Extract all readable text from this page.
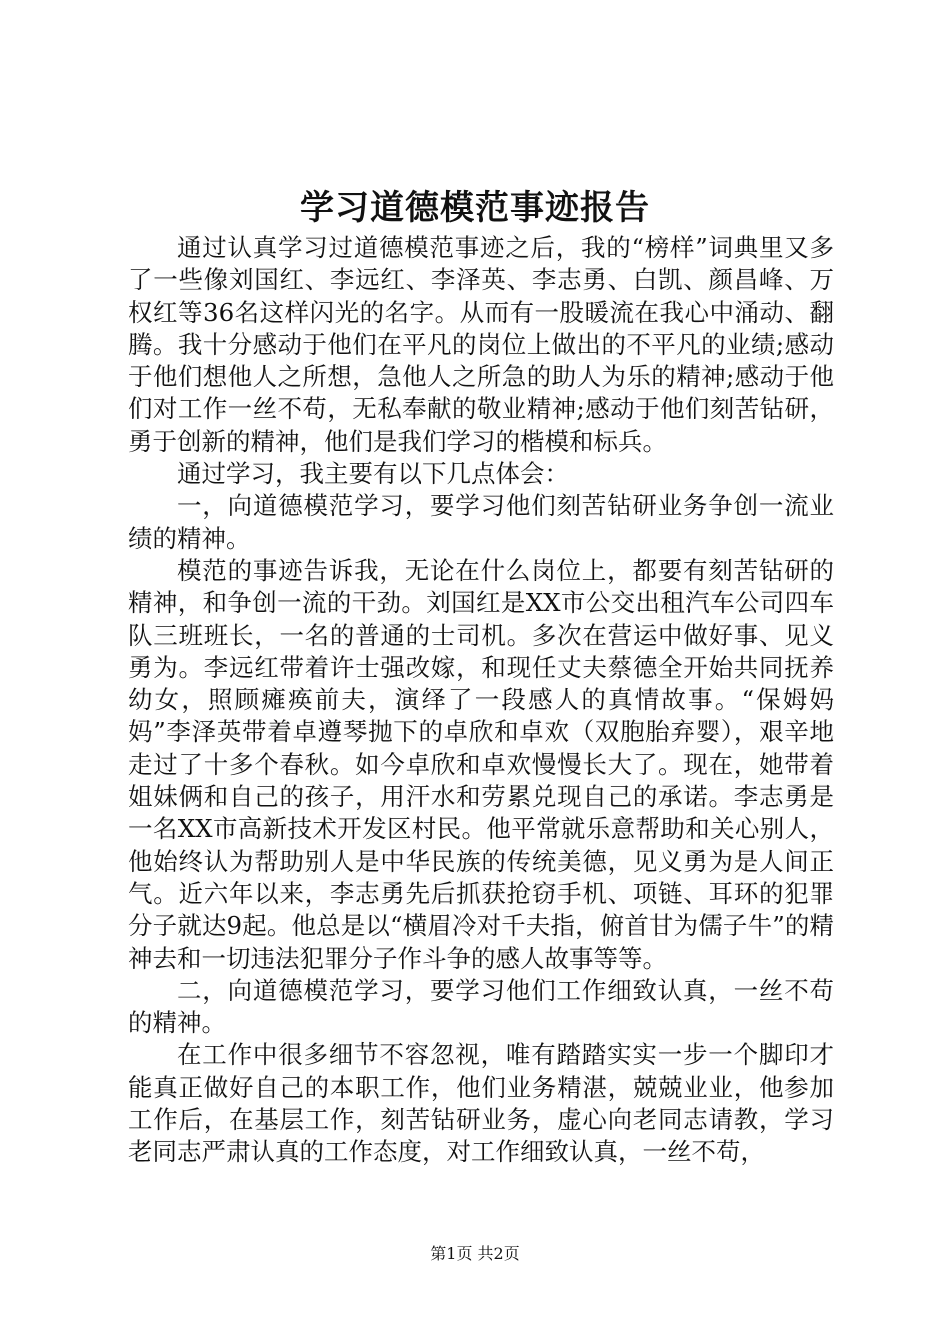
学习道德模范事迹报告

通过认真学习过道德模范事迹之后，我的“榜样”词典里又多了一些像刘国红、李远红、李泽英、李志勇、白凯、颜昌峰、万权红等36名这样闪光的名字。从而有一股暖流在我心中涌动、翻腾。我十分感动于他们在平凡的岗位上做出的不平凡的业绩;感动于他们想他人之所想，急他人之所急的助人为乐的精神;感动于他们对工作一丝不苟，无私奉献的敬业精神;感动于他们刻苦钻研，勇于创新的精神，他们是我们学习的楷模和标兵。

通过学习，我主要有以下几点体会：

一，向道德模范学习，要学习他们刻苦钻研业务争创一流业绩的精神。

模范的事迹告诉我，无论在什么岗位上，都要有刻苦钻研的精神，和争创一流的干劲。刘国红是XX市公交出租汽车公司四车队三班班长，一名的普通的士司机。多次在营运中做好事、见义勇为。李远红带着许士强改嫁，和现任丈夫蔡德全开始共同抚养幼女，照顾瘫痪前夫，演绎了一段感人的真情故事。“保姆妈妈”李泽英带着卓遵琴抛下的卓欣和卓欢（双胞胎弃婴），艰辛地走过了十多个春秋。如今卓欣和卓欢慢慢长大了。现在，她带着姐妹俩和自己的孩子，用汗水和劳累兑现自己的承诺。李志勇是一名XX市高新技术开发区村民。他平常就乐意帮助和关心别人，他始终认为帮助别人是中华民族的传统美德，见义勇为是人间正气。近六年以来，李志勇先后抓获抢窃手机、项链、耳环的犯罪分子就达9起。他总是以“横眉冷对千夫指，俯首甘为儒子牛”的精神去和一切违法犯罪分子作斗争的感人故事等等。

二，向道德模范学习，要学习他们工作细致认真，一丝不苟的精神。

在工作中很多细节不容忽视，唯有踏踏实实一步一个脚印才能真正做好自己的本职工作，他们业务精湛，兢兢业业，他参加工作后，在基层工作，刻苦钻研业务，虚心向老同志请教，学习老同志严肃认真的工作态度，对工作细致认真，一丝不苟，

第1页 共2页
